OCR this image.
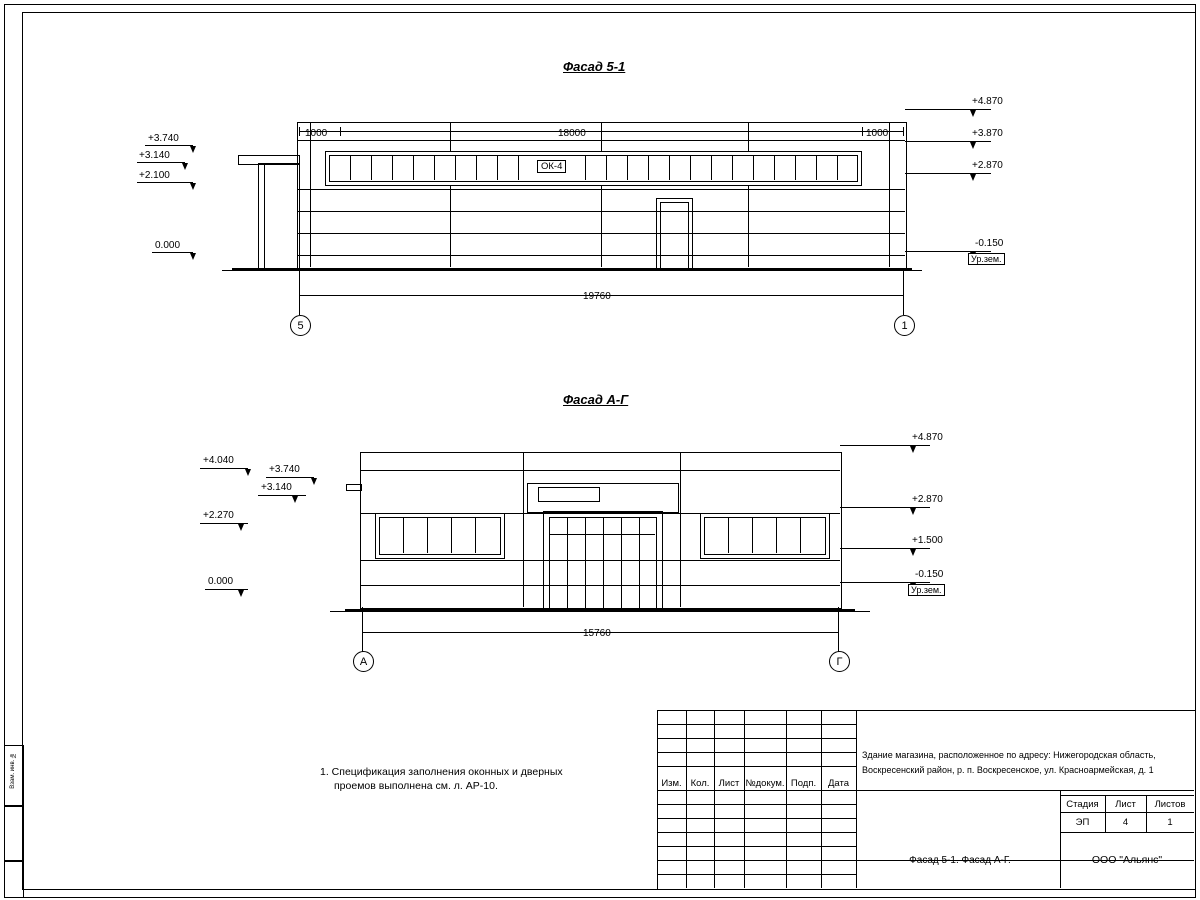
Взам. инв. №
Фасад 5-1
ОК-4
1000	18000	1000
19760
5	1
+3.740
+3.140
+2.100
0.000
+4.870
+3.870
+2.870
-0.150
Ур.зем.
Фасад А-Г
15760
А	Г
+4.040
+3.740
+3.140
+2.270
0.000
+4.870
+2.870
+1.500
-0.150
Ур.зем.
1. Спецификация заполнения оконных и дверных
проемов выполнена см. л. АР-10.	Изм. Кол. Лист №докум. Подп.	Дата
Здание магазина, расположенное по адресу: Нижегородская область,
Воскресенский район, р. п. Воскресенское, ул. Красноармейская, д. 1
Стадия	Лист	Листов
ЭП	4	1
Фасад 5-1. Фасад А-Г.	ООО "Альянс"
